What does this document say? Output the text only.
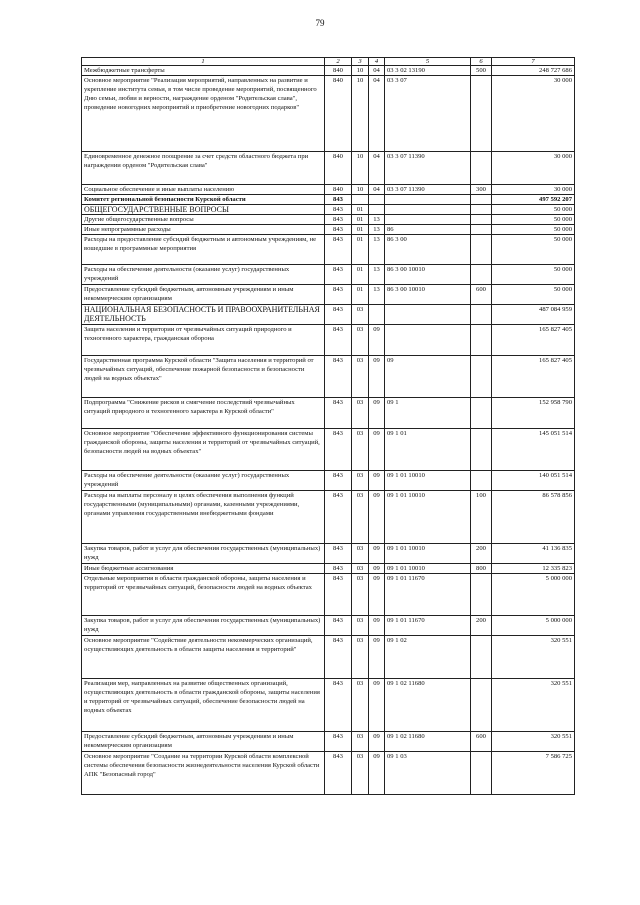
79
1	2	3	4	5	6	7
Межбюджетные трансферты	840	10	04	03 3 02 13190	500	248 727 686
Основное мероприятие "Реализация мероприятий, направленных на развитие и укрепление института семьи, в том числе проведение мероприятий, посвященного Дню семьи, любви и верности, награждение орденом "Родительская слава", проведение новогодних мероприятий и приобретение новогодних подарков"	840	10	04	03 3 07		30 000
Единовременное денежное поощрение за счет средств областного бюджета при награждении орденом "Родительская слава"	840	10	04	03 3 07 11390		30 000
Социальное обеспечение и иные выплаты населению	840	10	04	03 3 07 11390	300	30 000
Комитет региональной безопасности Курской области	843					497 592 207
ОБЩЕГОСУДАРСТВЕННЫЕ ВОПРОСЫ	843	01				50 000
Другие общегосударственные вопросы	843	01	13			50 000
Иные непрограммные расходы	843	01	13	86		50 000
Расходы на предоставление субсидий бюджетным и автономным учреждениям, не вошедшие в программные мероприятия	843	01	13	86 3 00		50 000
Расходы на обеспечение деятельности (оказание услуг) государственных учреждений	843	01	13	86 3 00 10010		50 000
Предоставление субсидий бюджетным, автономным учреждениям и иным некоммерческим организациям	843	01	13	86 3 00 10010	600	50 000
НАЦИОНАЛЬНАЯ БЕЗОПАСНОСТЬ И ПРАВООХРАНИТЕЛЬНАЯ ДЕЯТЕЛЬНОСТЬ	843	03				487 084 959
Защита населения и территории от чрезвычайных ситуаций природного и техногенного характера, гражданская оборона	843	03	09			165 827 405
Государственная программа Курской области "Защита населения и территорий от чрезвычайных ситуаций, обеспечение пожарной безопасности и безопасности людей на водных объектах"	843	03	09	09		165 827 405
Подпрограмма "Снижение рисков и смягчение последствий чрезвычайных ситуаций природного и техногенного характера в Курской области"	843	03	09	09 1		152 958 790
Основное мероприятие "Обеспечение эффективного функционирования системы гражданской обороны, защиты населения и территорий от чрезвычайных ситуаций, безопасности людей на водных объектах"	843	03	09	09 1 01		145 051 514
Расходы на обеспечение деятельности (оказание услуг) государственных учреждений	843	03	09	09 1 01 10010		140 051 514
Расходы на выплаты персоналу в целях обеспечения выполнения функций государственными (муниципальными) органами, казенными учреждениями, органами управления государственными внебюджетными фондами	843	03	09	09 1 01 10010	100	86 578 856
Закупка товаров, работ и услуг для обеспечения государственных (муниципальных) нужд	843	03	09	09 1 01 10010	200	41 136 835
Иные бюджетные ассигнования	843	03	09	09 1 01 10010	800	12 335 823
Отдельные мероприятия в области гражданской обороны, защиты населения и территорий от чрезвычайных ситуаций, безопасности людей на водных объектах	843	03	09	09 1 01 11670		5 000 000
Закупка товаров, работ и услуг для обеспечения государственных (муниципальных) нужд	843	03	09	09 1 01 11670	200	5 000 000
Основное мероприятие "Содействие деятельности некоммерческих организаций, осуществляющих деятельность в области защиты населения и территорий"	843	03	09	09 1 02		320 551
Реализация мер, направленных на развитие общественных организаций, осуществляющих деятельность в области гражданской обороны, защиты населения и территорий от чрезвычайных ситуаций, обеспечение безопасности людей на водных объектах	843	03	09	09 1 02 11680		320 551
Предоставление субсидий бюджетным, автономным учреждениям и иным некоммерческим организациям	843	03	09	09 1 02 11680	600	320 551
Основное мероприятие "Создание на территории Курской области комплексной системы обеспечения безопасности жизнедеятельности населения Курской области АПК "Безопасный город"	843	03	09	09 1 03		7 586 725
